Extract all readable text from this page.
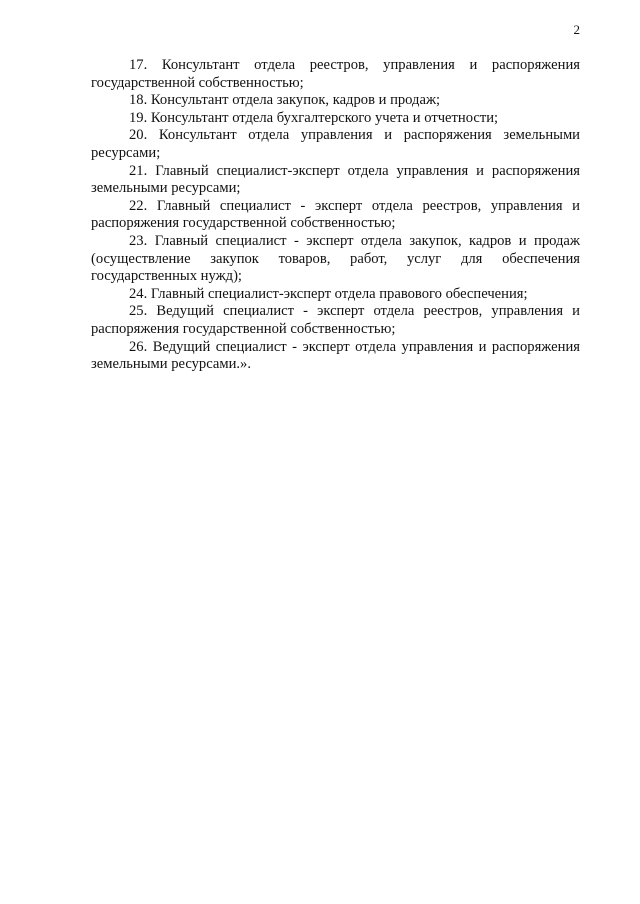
2

17. Консультант отдела реестров, управления и распоряжения государственной собственностью;

18. Консультант отдела закупок, кадров и продаж;

19. Консультант отдела бухгалтерского учета и отчетности;

20. Консультант отдела управления и распоряжения земельными ресурсами;

21. Главный специалист-эксперт отдела управления и распоряжения земельными ресурсами;

22. Главный специалист - эксперт отдела реестров, управления и распоряжения государственной собственностью;

23. Главный специалист - эксперт отдела закупок, кадров и продаж (осуществление закупок товаров, работ, услуг для обеспечения государственных нужд);

24. Главный специалист-эксперт отдела правового обеспечения;

25. Ведущий специалист - эксперт отдела реестров, управления и распоряжения государственной собственностью;

26. Ведущий специалист - эксперт отдела управления и распоряжения земельными ресурсами.».
